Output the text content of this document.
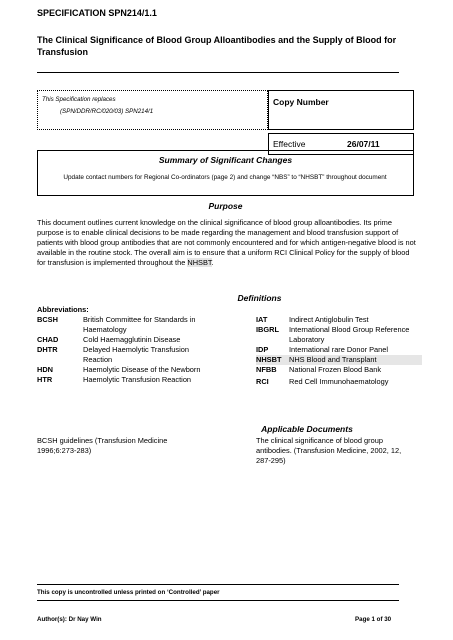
SPECIFICATION SPN214/1.1
The Clinical Significance of Blood Group Alloantibodies and the Supply of Blood for Transfusion
This Specification replaces
(SPN/DDR/RC/020/03) SPN214/1
Copy Number
Effective	26/07/11
Summary of Significant Changes
Update contact numbers for Regional Co-ordinators (page 2) and change “NBS” to “NHSBT” throughout document
Purpose
This document outlines current knowledge on the clinical significance of blood group alloantibodies. Its prime purpose is to enable clinical decisions to be made regarding the management and blood transfusion support of patients with blood group antibodies that are not commonly encountered and for which antigen-negative blood is not available in the routine stock. The overall aim is to ensure that a uniform RCI Clinical Policy for the supply of blood for transfusion is implemented throughout the NHSBT.
Definitions
Abbreviations:
BCSH	British Committee for Standards in Haematology
CHAD	Cold Haemagglutinin Disease
DHTR	Delayed Haemolytic Transfusion Reaction
HDN	Haemolytic Disease of the Newborn
HTR	Haemolytic Transfusion Reaction
IAT	Indirect Antiglobulin Test
IBGRL International Blood Group Reference Laboratory
IDP	International rare Donor Panel
NHSBT NHS Blood and Transplant
NFBB National Frozen Blood Bank
RCI	Red Cell Immunohaematology
Applicable Documents
BCSH guidelines (Transfusion Medicine 1996;6:273-283)
The clinical significance of blood group antibodies. (Transfusion Medicine, 2002, 12, 287-295)
This copy is uncontrolled unless printed on ‘Controlled’ paper
Author(s): Dr Nay Win	Page 1 of 30
